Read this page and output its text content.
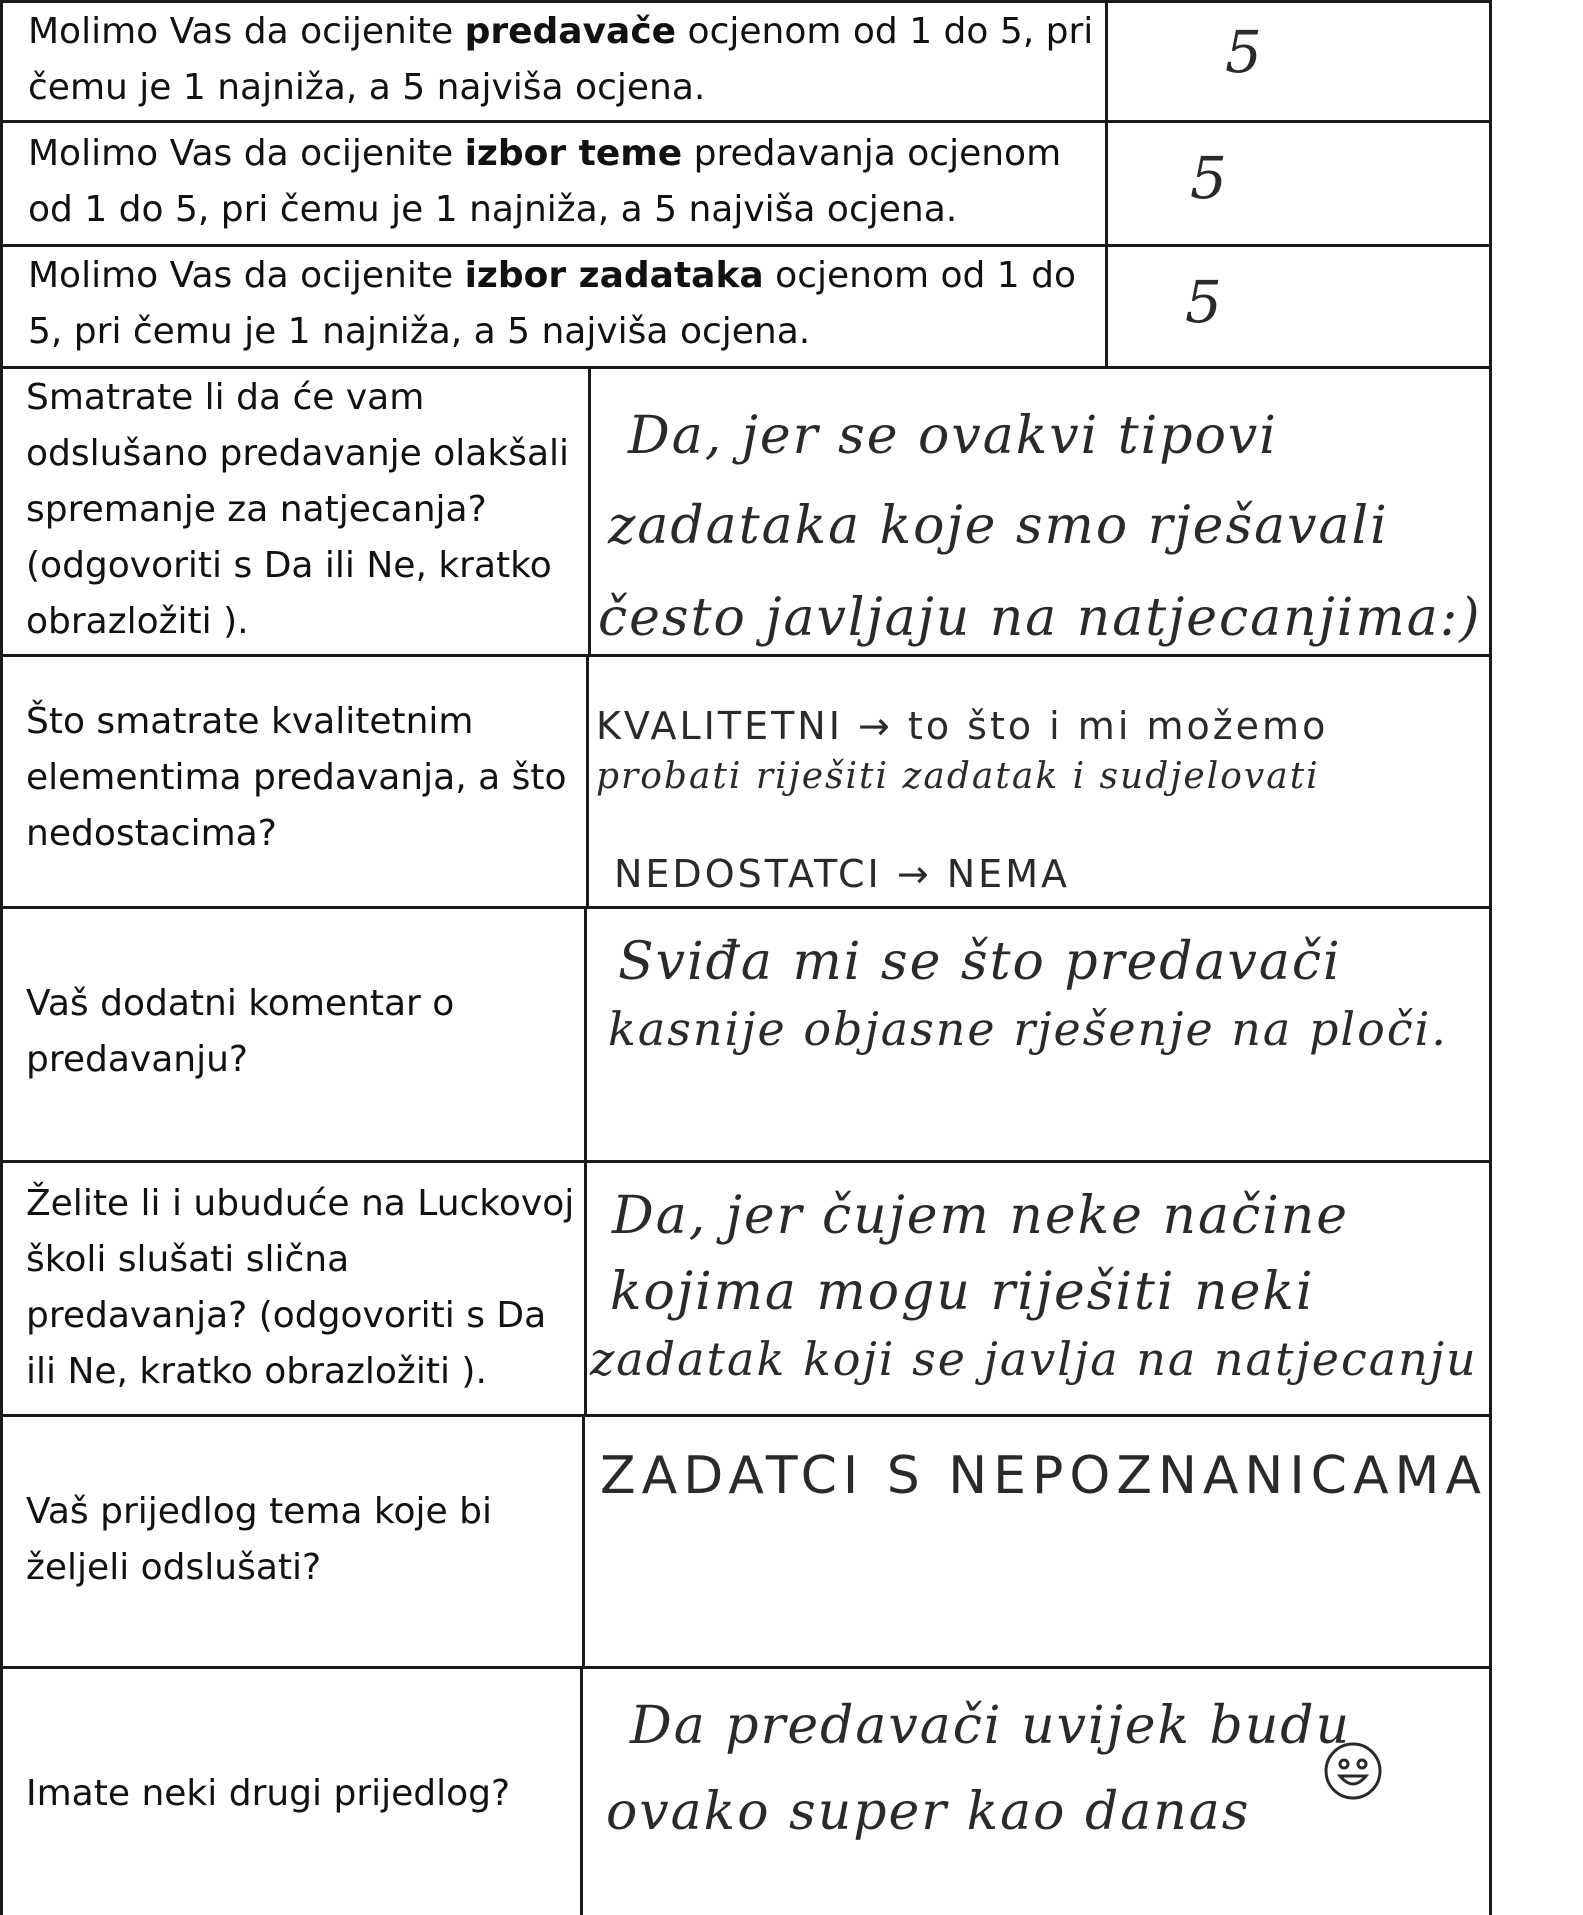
Molimo Vas da ocijenite predavače ocjenom od 1 do 5, pri čemu je 1 najniža, a 5 najviša ocjena.
5
Molimo Vas da ocijenite izbor teme predavanja ocjenom od 1 do 5, pri čemu je 1 najniža, a 5 najviša ocjena.	5
Molimo Vas da ocijenite izbor zadataka ocjenom od 1 do 5, pri čemu je 1 najniža, a 5 najviša ocjena.	5
Smatrate li da će vam odslušano predavanje olakšali spremanje za natjecanja? (odgovoriti s Da ili Ne, kratko obrazložiti ).
Da, jer se ovakvi tipovi
zadataka koje smo rješavali
često javljaju na natjecanjima:)
Što smatrate kvalitetnim elementima predavanja, a što nedostacima?
KVALITETNI → to što i mi možemo
probati riješiti zadatak i sudjelovati
NEDOSTATCI → NEMA
Vaš dodatni komentar o predavanju?
Sviđa mi se što predavači
kasnije objasne rješenje na ploči.
Želite li i ubuduće na Luckovoj školi slušati slična predavanja? (odgovoriti s Da ili Ne, kratko obrazložiti ).
Da, jer čujem neke načine
kojima mogu riješiti neki
zadatak koji se javlja na natjecanju
Vaš prijedlog tema koje bi željeli odslušati?
ZADATCI S NEPOZNANICAMA
Imate neki drugi prijedlog?
Da predavači uvijek budu
ovako super kao danas
